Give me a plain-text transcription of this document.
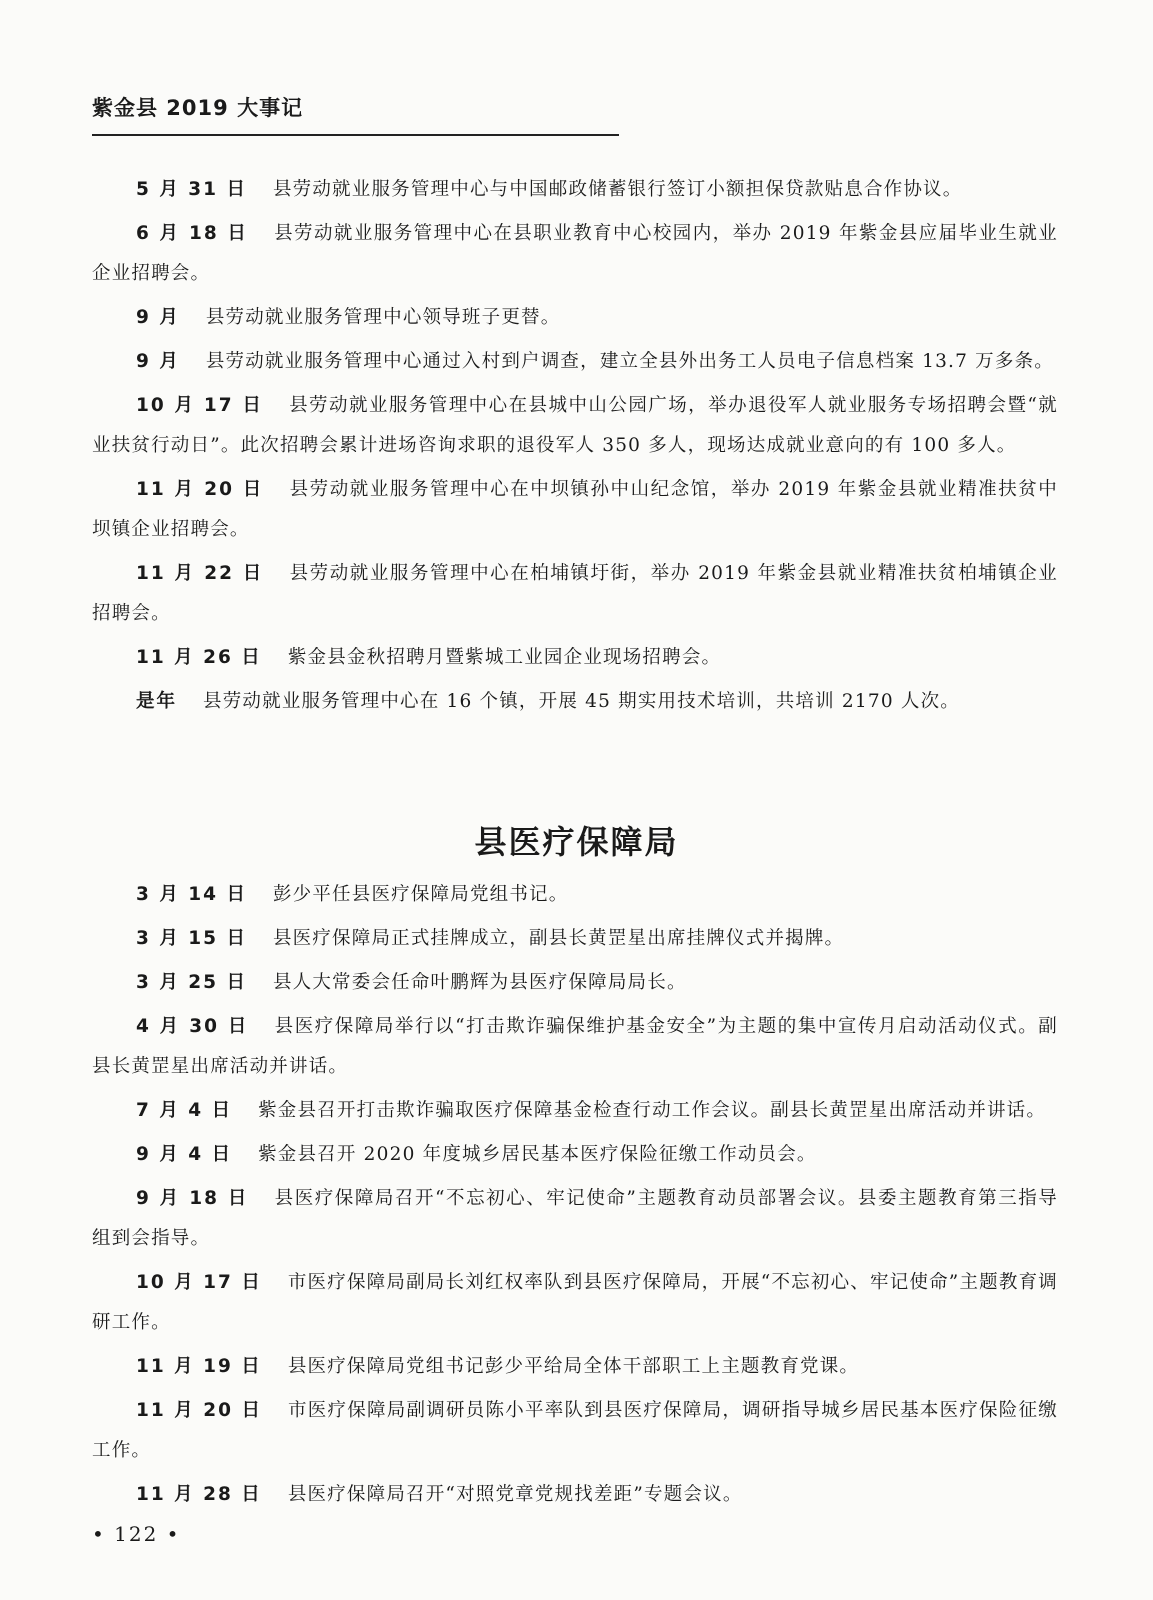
紫金县 2019 大事记

5 月 31 日 县劳动就业服务管理中心与中国邮政储蓄银行签订小额担保贷款贴息合作协议。

6 月 18 日 县劳动就业服务管理中心在县职业教育中心校园内，举办 2019 年紫金县应届毕业生就业企业招聘会。

9 月 县劳动就业服务管理中心领导班子更替。

9 月 县劳动就业服务管理中心通过入村到户调查，建立全县外出务工人员电子信息档案 13.7 万多条。

10 月 17 日 县劳动就业服务管理中心在县城中山公园广场，举办退役军人就业服务专场招聘会暨“就业扶贫行动日”。此次招聘会累计进场咨询求职的退役军人 350 多人，现场达成就业意向的有 100 多人。

11 月 20 日 县劳动就业服务管理中心在中坝镇孙中山纪念馆，举办 2019 年紫金县就业精准扶贫中坝镇企业招聘会。

11 月 22 日 县劳动就业服务管理中心在柏埔镇圩街，举办 2019 年紫金县就业精准扶贫柏埔镇企业招聘会。

11 月 26 日 紫金县金秋招聘月暨紫城工业园企业现场招聘会。

是年 县劳动就业服务管理中心在 16 个镇，开展 45 期实用技术培训，共培训 2170 人次。

县医疗保障局

3 月 14 日 彭少平任县医疗保障局党组书记。

3 月 15 日 县医疗保障局正式挂牌成立，副县长黄罡星出席挂牌仪式并揭牌。

3 月 25 日 县人大常委会任命叶鹏辉为县医疗保障局局长。

4 月 30 日 县医疗保障局举行以“打击欺诈骗保维护基金安全”为主题的集中宣传月启动活动仪式。副县长黄罡星出席活动并讲话。

7 月 4 日 紫金县召开打击欺诈骗取医疗保障基金检查行动工作会议。副县长黄罡星出席活动并讲话。

9 月 4 日 紫金县召开 2020 年度城乡居民基本医疗保险征缴工作动员会。

9 月 18 日 县医疗保障局召开“不忘初心、牢记使命”主题教育动员部署会议。县委主题教育第三指导组到会指导。

10 月 17 日 市医疗保障局副局长刘红权率队到县医疗保障局，开展“不忘初心、牢记使命”主题教育调研工作。

11 月 19 日 县医疗保障局党组书记彭少平给局全体干部职工上主题教育党课。

11 月 20 日 市医疗保障局副调研员陈小平率队到县医疗保障局，调研指导城乡居民基本医疗保险征缴工作。

11 月 28 日 县医疗保障局召开“对照党章党规找差距”专题会议。

• 122 •
